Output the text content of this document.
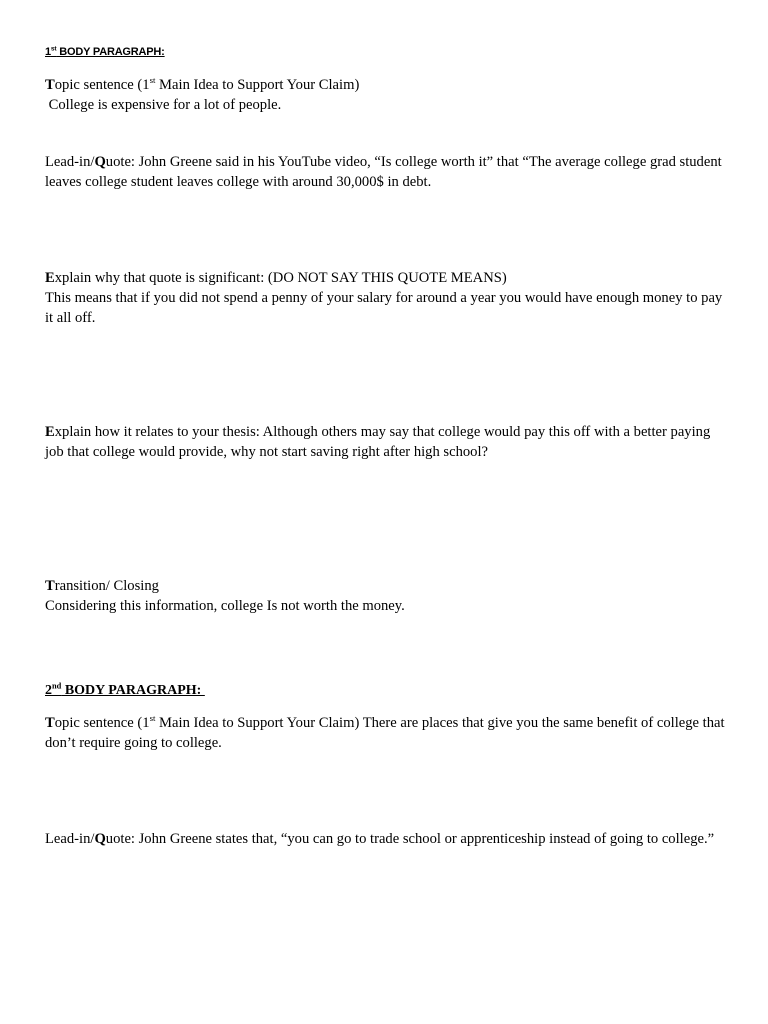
1st BODY PARAGRAPH:
Topic sentence (1st Main Idea to Support Your Claim)
College is expensive for a lot of people.
Lead-in/Quote: John Greene said in his YouTube video, “Is college worth it” that “The average college grad student leaves college student leaves college with around 30,000$ in debt.
Explain why that quote is significant: (DO NOT SAY THIS QUOTE MEANS)
This means that if you did not spend a penny of your salary for around a year you would have enough money to pay it all off.
Explain how it relates to your thesis: Although others may say that college would pay this off with a better paying job that college would provide, why not start saving right after high school?
Transition/ Closing
Considering this information, college Is not worth the money.
2nd BODY PARAGRAPH:
Topic sentence (1st Main Idea to Support Your Claim) There are places that give you the same benefit of college that don’t require going to college.
Lead-in/Quote: John Greene states that, “you can go to trade school or apprenticeship instead of going to college.”
